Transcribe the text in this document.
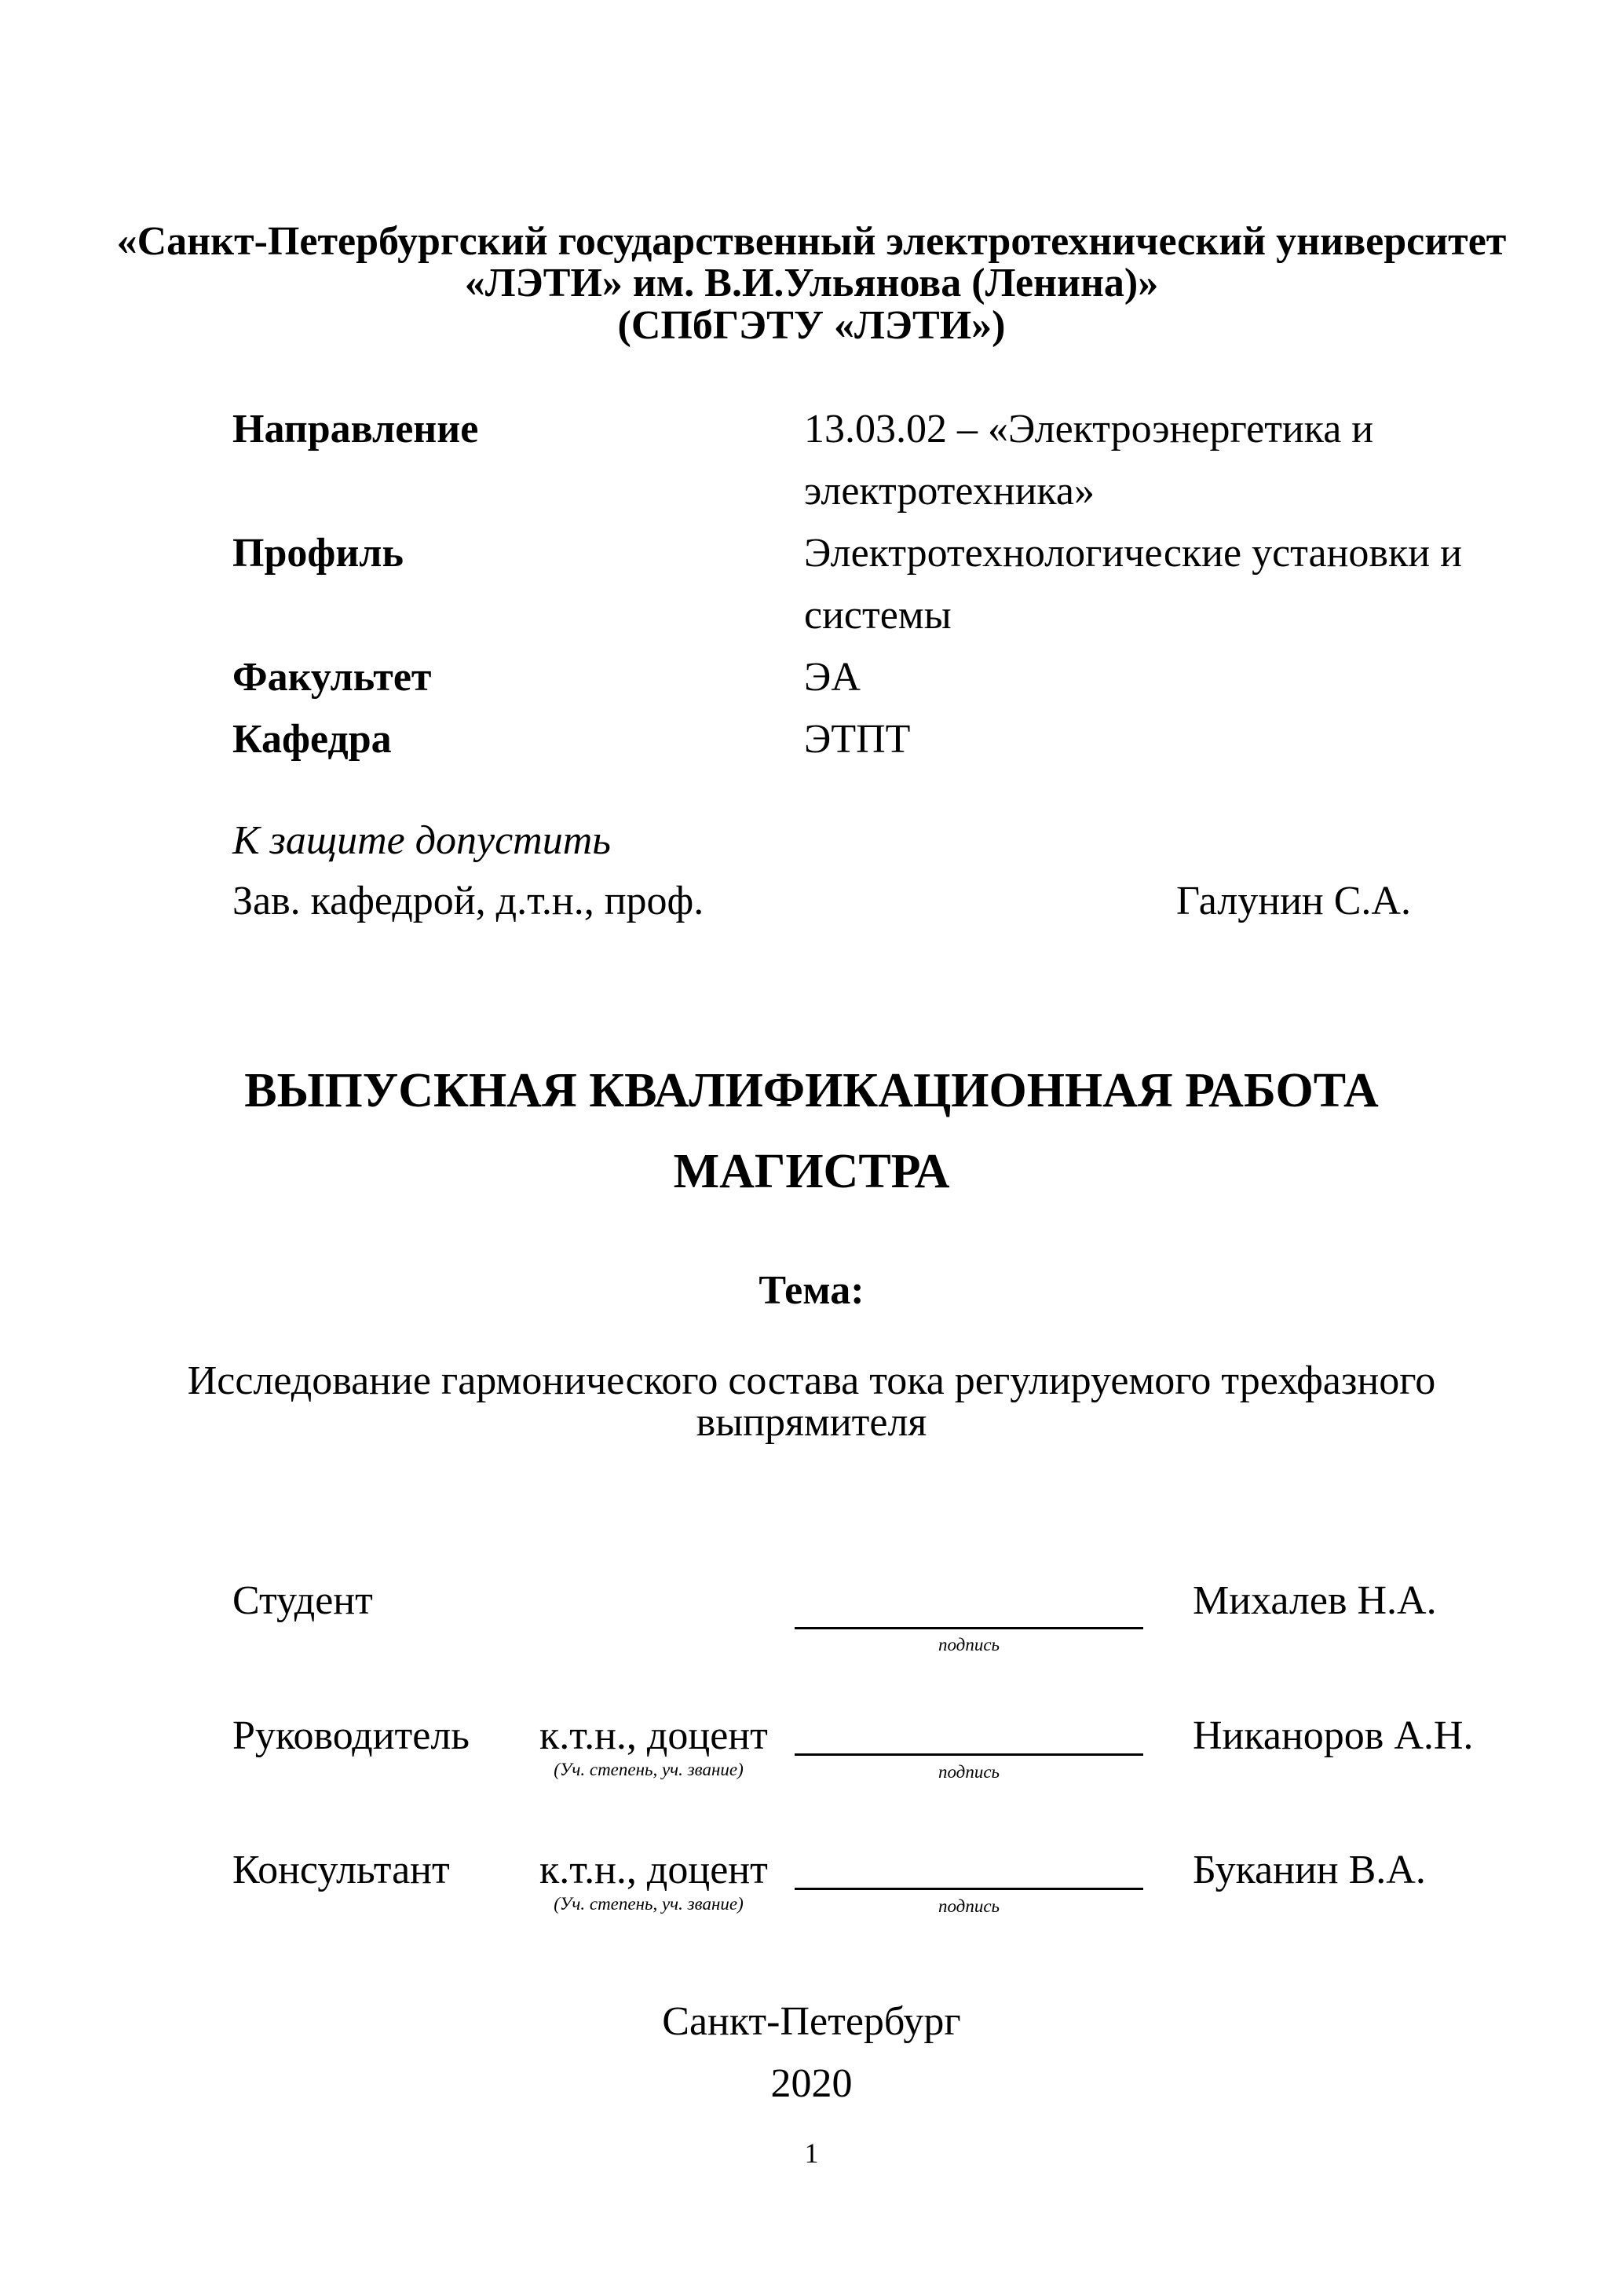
«Санкт-Петербургский государственный электротехнический университет
«ЛЭТИ» им. В.И.Ульянова (Ленина)»
(СПбГЭТУ «ЛЭТИ»)
Направление	13.03.02 – «Электроэнергетика и
электротехника»
Профиль	Электротехнологические установки и
системы
Факультет	ЭА
Кафедра	ЭТПТ
К защите допустить
Зав. кафедрой, д.т.н., проф.	Галунин С.А.
ВЫПУСКНАЯ КВАЛИФИКАЦИОННАЯ РАБОТА
МАГИСТРА
Тема:
Исследование гармонического состава тока регулируемого трехфазного
выпрямителя
Студент
подпись
Михалев Н.А.
Руководитель к.т.н., доцент
(Уч. степень, уч. звание)	подпись
Никаноров А.Н.
Консультант к.т.н., доцент
(Уч. степень, уч. звание)	подпись
Буканин В.А.
Санкт-Петербург
2020
1
